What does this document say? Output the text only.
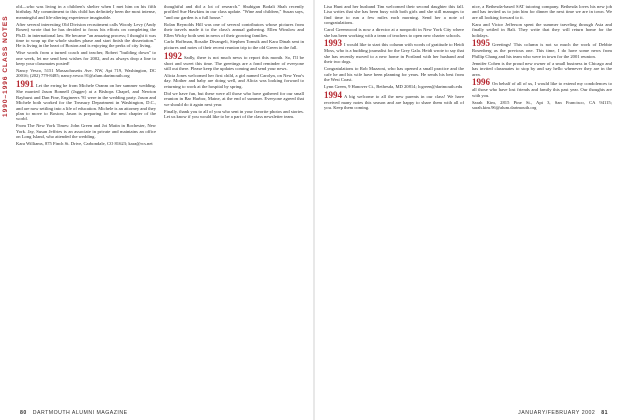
1990–1996 CLASS NOTES

old—who was living in a children's shelter when I met him on his fifth birthday. My commitment to this child has definitely been the most intense, meaningful and life-altering experience imaginable.

After several interesting Old Division recruitment calls Woody Levy (Andy Rosen) wrote that he has decided to focus his efforts on completing the Ph.D. in international law. He became "an amazing process; I thought it was time to wrap up the whole studies phase and start finish the dissertation." He is living in the heart of Boston and is enjoying the perks of city living.

Wise words from a turned coach and teacher, Robert "building down" to one week, let me send best wishes for 2002, and as always drop a line to keep your classmates posted!

Nancy Vesco, 5151 Massachusetts Ave. NW, Apt 719, Washington, DC 20016; (202) 779-8485; nancy.vesco.91@alum.dartmouth.org

1991 Let the erring be from Michele Oranm on her summer wedding. She married Jason Bonnell (Jagger) at a Bishops Chapel, and Newton Bayhurst and Dan Fine, Engineers '91 were in the wedding party. Jason and Michele both worked for the Treasury Department in Washington, D.C., and are now settling into a life of education. Michele is an attorney and they plan to move to Boston; Jason is preparing for the next chapter of the world.

From The New York Times: John Green and Joi Matin in Rochester, New York. Jay, Susan Jeffries is an associate in private and maintains an office on Long Island, who attended the wedding.

Kara Williams, 875 Finch St. Drive, Carbondale, CO 81623; kara@rcs.net

thoughtful and did a lot of research." Shubigan Bodali Shah recently profiled Sue Hawkins in our class update. "Wine and children," Susan says, "and our garden is a full house."

Rolan Reynolds Hill was one of several contributors whose pictures from their travels made it to the class's annual gathering. Ellen Winslow and Ellen Wicky both sent in news of their growing families.

Carlo Hoffman, Rosalie Divangeli, Stephen Tomsik and Kara Dinah sent in pictures and notes of their recent reunion trip to the old Green in the fall.

1992 Sadly, there is not much news to report this month. So, I'll be short and sweet this time. The greetings are a fond reminder of everyone still out there. Please keep the updates coming and send your news.

Alicia Jones welcomed her first child, a girl named Carolyn, on New Year's day. Mother and baby are doing well, and Alicia was looking forward to returning to work at the hospital by spring.

Did we have fun, but these were all those who have gathered for our small reunion in Bar Harbor, Maine, at the end of summer. Everyone agreed that we should do it again next year.

Finally, thank you to all of you who sent in your favorite photos and stories. Let us know if you would like to be a part of the class newsletter team.

80 DARTMOUTH ALUMNI MAGAZINE

Lisa Hunt and her husband Tim welcomed their second daughter this fall. Lisa writes that she has been busy with both girls and she still manages to find time to run a few miles each morning. Send her a note of congratulations.

Carol Greenwood is now a director at a nonprofit in New York City where she has been working with a team of teachers to open new charter schools.

1993 I would like to start this column with words of gratitude to Heidi Moss, who is a budding journalist for the Grey Gala. Heidi wrote to say that she has recently moved to a new home in Portland with her husband and their two dogs.

Congratulations to Rob Mazzoni, who has opened a small practice and the cafe he and his wife have been planning for years. He sends his best from the West Coast.

Lynn Green, 9 Hanover Ct., Bethesda, MD 20814; lcgreen@dartmouth.edu

1994 A big welcome to all the new parents in our class! We have received many notes this season and are happy to share them with all of you. Keep them coming.

nice, a Bethesda-based SAT tutoring company. Bethesda loves his new job and has invited us to join him for dinner the next time we are in town. We are all looking forward to it.

Kara and Victor Jefferson spent the summer traveling through Asia and finally settled in Bali. They write that they will return home for the holidays.

1995 Greetings! This column is not so much the work of Debbie Rosenberg as the previous one. This time, I do have some news from Phillip Chang and his team who were in town for the 2001 reunion.

Jennifer Cohen is the proud new owner of a small business in Chicago and has invited classmates to stop by and say hello whenever they are in the area.

1996 On behalf of all of us, I would like to extend my condolences to all those who have lost friends and family this past year. Our thoughts are with you.

Sarah Kim, 2815 Pine St., Apt 3, San Francisco, CA 94115; sarah.kim.96@alum.dartmouth.org

JANUARY/FEBRUARY 2002 81
